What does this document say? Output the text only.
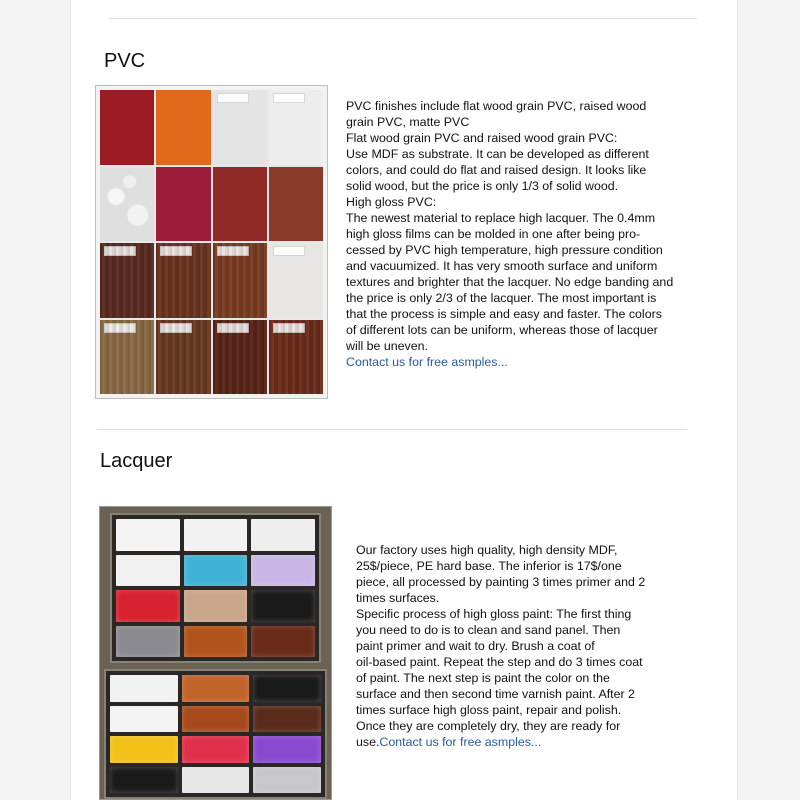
PVC
PVC finishes include flat wood grain PVC, raised wood
grain PVC, matte PVC
Flat wood grain PVC and raised wood grain PVC:
Use MDF as substrate. It can be developed as different
colors, and could do flat and raised design. It looks like
solid wood, but the price is only 1/3 of solid wood.
High gloss PVC:
The newest material to replace high lacquer. The 0.4mm
high gloss films can be molded in one after being pro-
cessed by PVC high temperature, high pressure condition
and vacuumized. It has very smooth surface and uniform
textures and brighter that the lacquer. No edge banding and
the price is only 2/3 of the lacquer. The most important is
that the process is simple and easy and faster. The colors
of different lots can be uniform, whereas those of lacquer
will be uneven.
Contact us for free asmples...
Lacquer
Our factory uses high quality, high density MDF,
25$/piece, PE hard base. The inferior is 17$/one
piece, all processed by painting 3 times primer and 2
times surfaces.
Specific process of high gloss paint: The first thing
you need to do is to clean and sand panel. Then
paint primer and wait to dry. Brush a coat of
oil-based paint. Repeat the step and do 3 times coat
of paint. The next step is paint the color on the
surface and then second time varnish paint. After 2
times surface high gloss paint, repair and polish.
Once they are completely dry, they are ready for
use.Contact us for free asmples...
